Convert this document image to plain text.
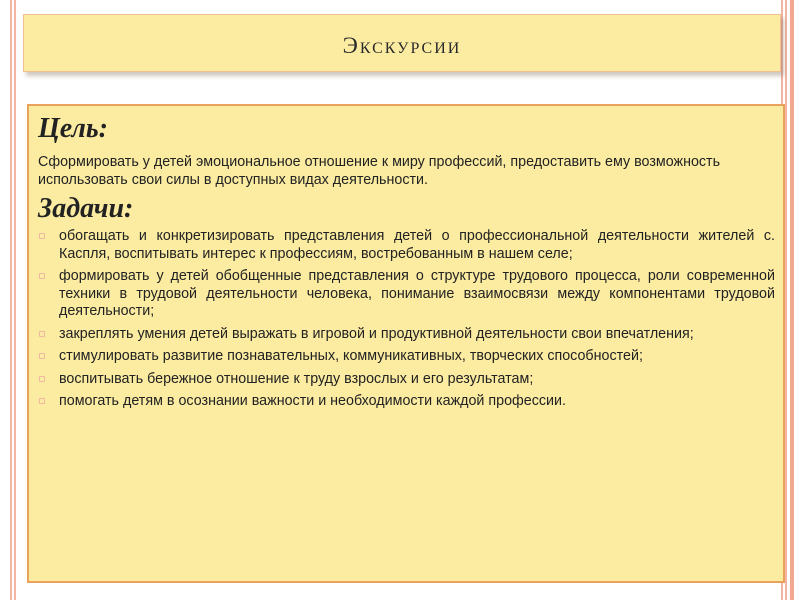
Экскурсии
Цель:

Сформировать у детей эмоциональное отношение к миру профессий, предоставить ему возможность использовать свои силы в доступных видах деятельности.

Задачи:
обогащать и конкретизировать представления детей о профессиональной деятельности жителей с. Каспля, воспитывать интерес к профессиям, востребованным в нашем селе;
формировать у детей обобщенные представления о структуре трудового процесса, роли современной техники в трудовой деятельности человека, понимание взаимосвязи между компонентами трудовой деятельности;
закреплять умения детей выражать в игровой и продуктивной деятельности свои впечатления;
стимулировать развитие познавательных, коммуникативных, творческих способностей;
воспитывать бережное отношение к труду взрослых и его результатам;
помогать детям в осознании важности и необходимости каждой профессии.
